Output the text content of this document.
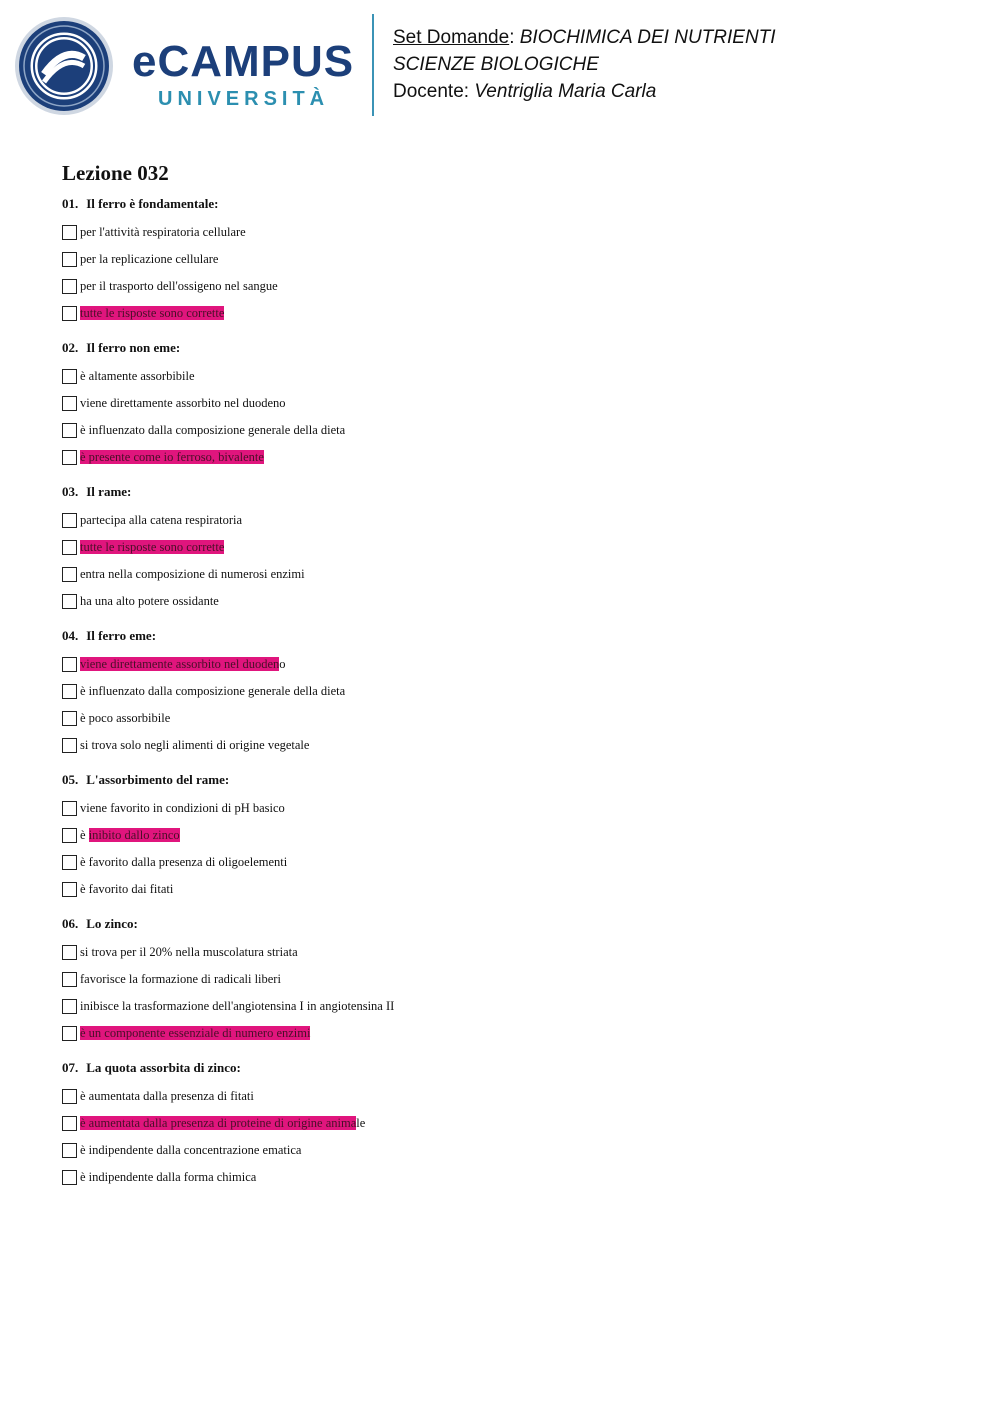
eCAMPUS
UNIVERSITÀ
Set Domande: BIOCHIMICA DEI NUTRIENTI
SCIENZE BIOLOGICHE
Docente: Ventriglia Maria Carla
Lezione 032
01. Il ferro è fondamentale:
per l'attività respiratoria cellulare
per la replicazione cellulare
per il trasporto dell'ossigeno nel sangue
tutte le risposte sono corrette
02. Il ferro non eme:
è altamente assorbibile
viene direttamente assorbito nel duodeno
è influenzato dalla composizione generale della dieta
è presente come io ferroso, bivalente
03. Il rame:
partecipa alla catena respiratoria
tutte le risposte sono corrette
entra nella composizione di numerosi enzimi
ha una alto potere ossidante
04. Il ferro eme:
viene direttamente assorbito nel duodeno
è influenzato dalla composizione generale della dieta
è poco assorbibile
si trova solo negli alimenti di origine vegetale
05. L'assorbimento del rame:
viene favorito in condizioni di pH basico
è inibito dallo zinco
è favorito dalla presenza di oligoelementi
è favorito dai fitati
06. Lo zinco:
si trova per il 20% nella muscolatura striata
favorisce la formazione di radicali liberi
inibisce la trasformazione dell'angiotensina I in angiotensina II
è un componente essenziale di numero enzimi
07. La quota assorbita di zinco:
è aumentata dalla presenza di fitati
è aumentata dalla presenza di proteine di origine animale
è indipendente dalla concentrazione ematica
è indipendente dalla forma chimica
